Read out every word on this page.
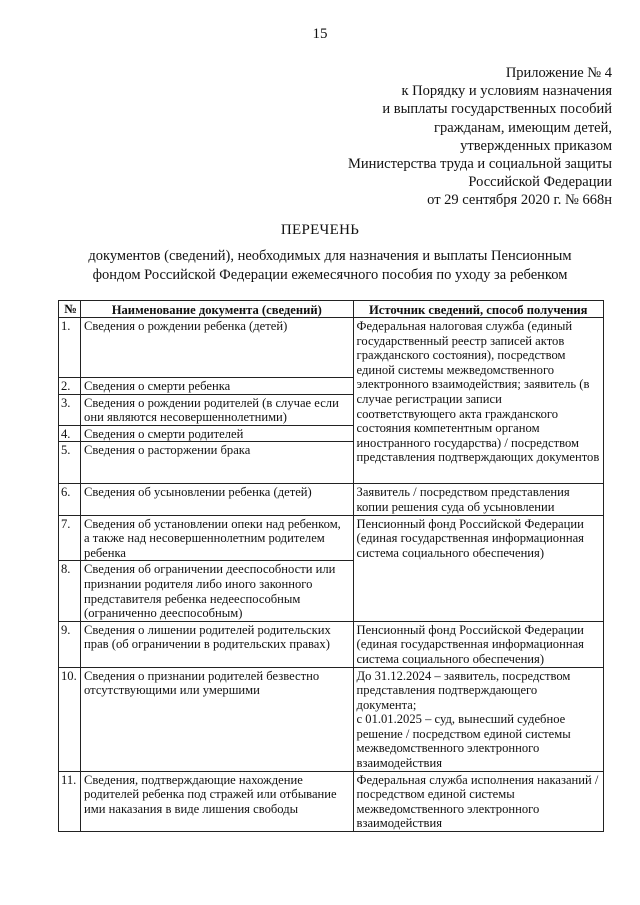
15
Приложение № 4
к Порядку и условиям назначения
и выплаты государственных пособий
гражданам, имеющим детей,
утвержденных приказом
Министерства труда и социальной защиты
Российской Федерации
от 29 сентября 2020 г. № 668н
ПЕРЕЧЕНЬ
документов (сведений), необходимых для назначения и выплаты Пенсионным
фондом Российской Федерации ежемесячного пособия по уходу за ребенком
№	Наименование документа (сведений)	Источник сведений, способ получения
1.	Сведения о рождении ребенка (детей)	Федеральная налоговая служба (единый государственный реестр записей актов гражданского состояния), посредством единой системы межведомственного электронного взаимодействия; заявитель (в случае регистрации записи соответствующего акта гражданского состояния компетентным органом иностранного государства) / посредством представления подтверждающих документов
2.	Сведения о смерти ребенка	
3.	Сведения о рождении родителей (в случае если они являются несовершеннолетними)	
4.	Сведения о смерти родителей	
5.	Сведения о расторжении брака	
6.	Сведения об усыновлении ребенка (детей)	Заявитель / посредством представления копии решения суда об усыновлении
7.	Сведения об установлении опеки над ребенком, а также над несовершеннолетним родителем ребенка	Пенсионный фонд Российской Федерации (единая государственная информационная система социального обеспечения)
8.	Сведения об ограничении дееспособности или признании родителя либо иного законного представителя ребенка недееспособным (ограниченно дееспособным)	
9.	Сведения о лишении родителей родительских прав (об ограничении в родительских правах)	Пенсионный фонд Российской Федерации (единая государственная информационная система социального обеспечения)
10.	Сведения о признании родителей безвестно отсутствующими или умершими	До 31.12.2024 – заявитель, посредством представления подтверждающего документа;
с 01.01.2025 – суд, вынесший судебное решение / посредством единой системы межведомственного электронного взаимодействия

11.	Сведения, подтверждающие нахождение родителей ребенка под стражей или отбывание ими наказания в виде лишения свободы	Федеральная служба исполнения наказаний / посредством единой системы межведомственного электронного взаимодействия
